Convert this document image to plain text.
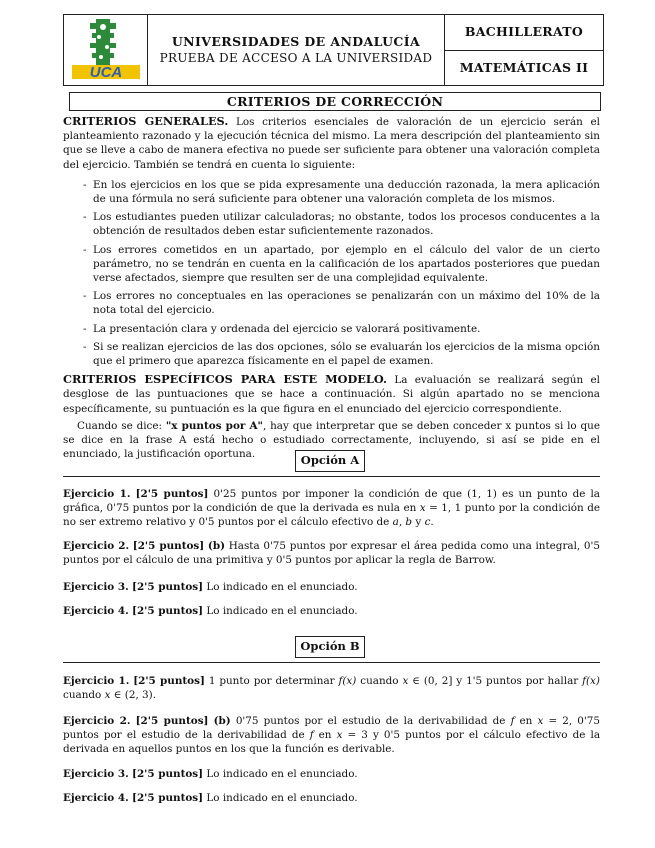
UCA
UNIVERSIDADES DE ANDALUCÍA
PRUEBA DE ACCESO A LA UNIVERSIDAD
BACHILLERATO
MATEMÁTICAS II
CRITERIOS DE CORRECCIÓN

CRITERIOS GENERALES. Los criterios esenciales de valoración de un ejercicio serán el planteamiento razonado y la ejecución técnica del mismo. La mera descripción del planteamiento sin que se lleve a cabo de manera efectiva no puede ser suficiente para obtener una valoración completa del ejercicio. También se tendrá en cuenta lo siguiente:

- En los ejercicios en los que se pida expresamente una deducción razonada, la mera aplicación de una fórmula no será suficiente para obtener una valoración completa de los mismos.
- Los estudiantes pueden utilizar calculadoras; no obstante, todos los procesos conducentes a la obtención de resultados deben estar suficientemente razonados.
- Los errores cometidos en un apartado, por ejemplo en el cálculo del valor de un cierto parámetro, no se tendrán en cuenta en la calificación de los apartados posteriores que puedan verse afectados, siempre que resulten ser de una complejidad equivalente.
- Los errores no conceptuales en las operaciones se penalizarán con un máximo del 10% de la nota total del ejercicio.
- La presentación clara y ordenada del ejercicio se valorará positivamente.
- Si se realizan ejercicios de las dos opciones, sólo se evaluarán los ejercicios de la misma opción que el primero que aparezca físicamente en el papel de examen.

CRITERIOS ESPECÍFICOS PARA ESTE MODELO. La evaluación se realizará según el desglose de las puntuaciones que se hace a continuación. Si algún apartado no se menciona específicamente, su puntuación es la que figura en el enunciado del ejercicio correspondiente.

Cuando se dice: "x puntos por A", hay que interpretar que se deben conceder x puntos si lo que se dice en la frase A está hecho o estudiado correctamente, incluyendo, si así se pide en el enunciado, la justificación oportuna.	Opción A
Ejercicio 1. [2'5 puntos] 0'25 puntos por imponer la condición de que (1, 1) es un punto de la gráfica, 0'75 puntos por la condición de que la derivada es nula en x = 1, 1 punto por la condición de no ser extremo relativo y 0'5 puntos por el cálculo efectivo de a, b y c.
Ejercicio 2. [2'5 puntos] (b) Hasta 0'75 puntos por expresar el área pedida como una integral, 0'5 puntos por el cálculo de una primitiva y 0'5 puntos por aplicar la regla de Barrow.
Ejercicio 3. [2'5 puntos] Lo indicado en el enunciado.
Ejercicio 4. [2'5 puntos] Lo indicado en el enunciado.
Opción B
Ejercicio 1. [2'5 puntos] 1 punto por determinar f(x) cuando x ∈ (0, 2] y 1'5 puntos por hallar f(x) cuando x ∈ (2, 3).
Ejercicio 2. [2'5 puntos] (b) 0'75 puntos por el estudio de la derivabilidad de f en x = 2, 0'75 puntos por el estudio de la derivabilidad de f en x = 3 y 0'5 puntos por el cálculo efectivo de la derivada en aquellos puntos en los que la función es derivable.
Ejercicio 3. [2'5 puntos] Lo indicado en el enunciado.
Ejercicio 4. [2'5 puntos] Lo indicado en el enunciado.
